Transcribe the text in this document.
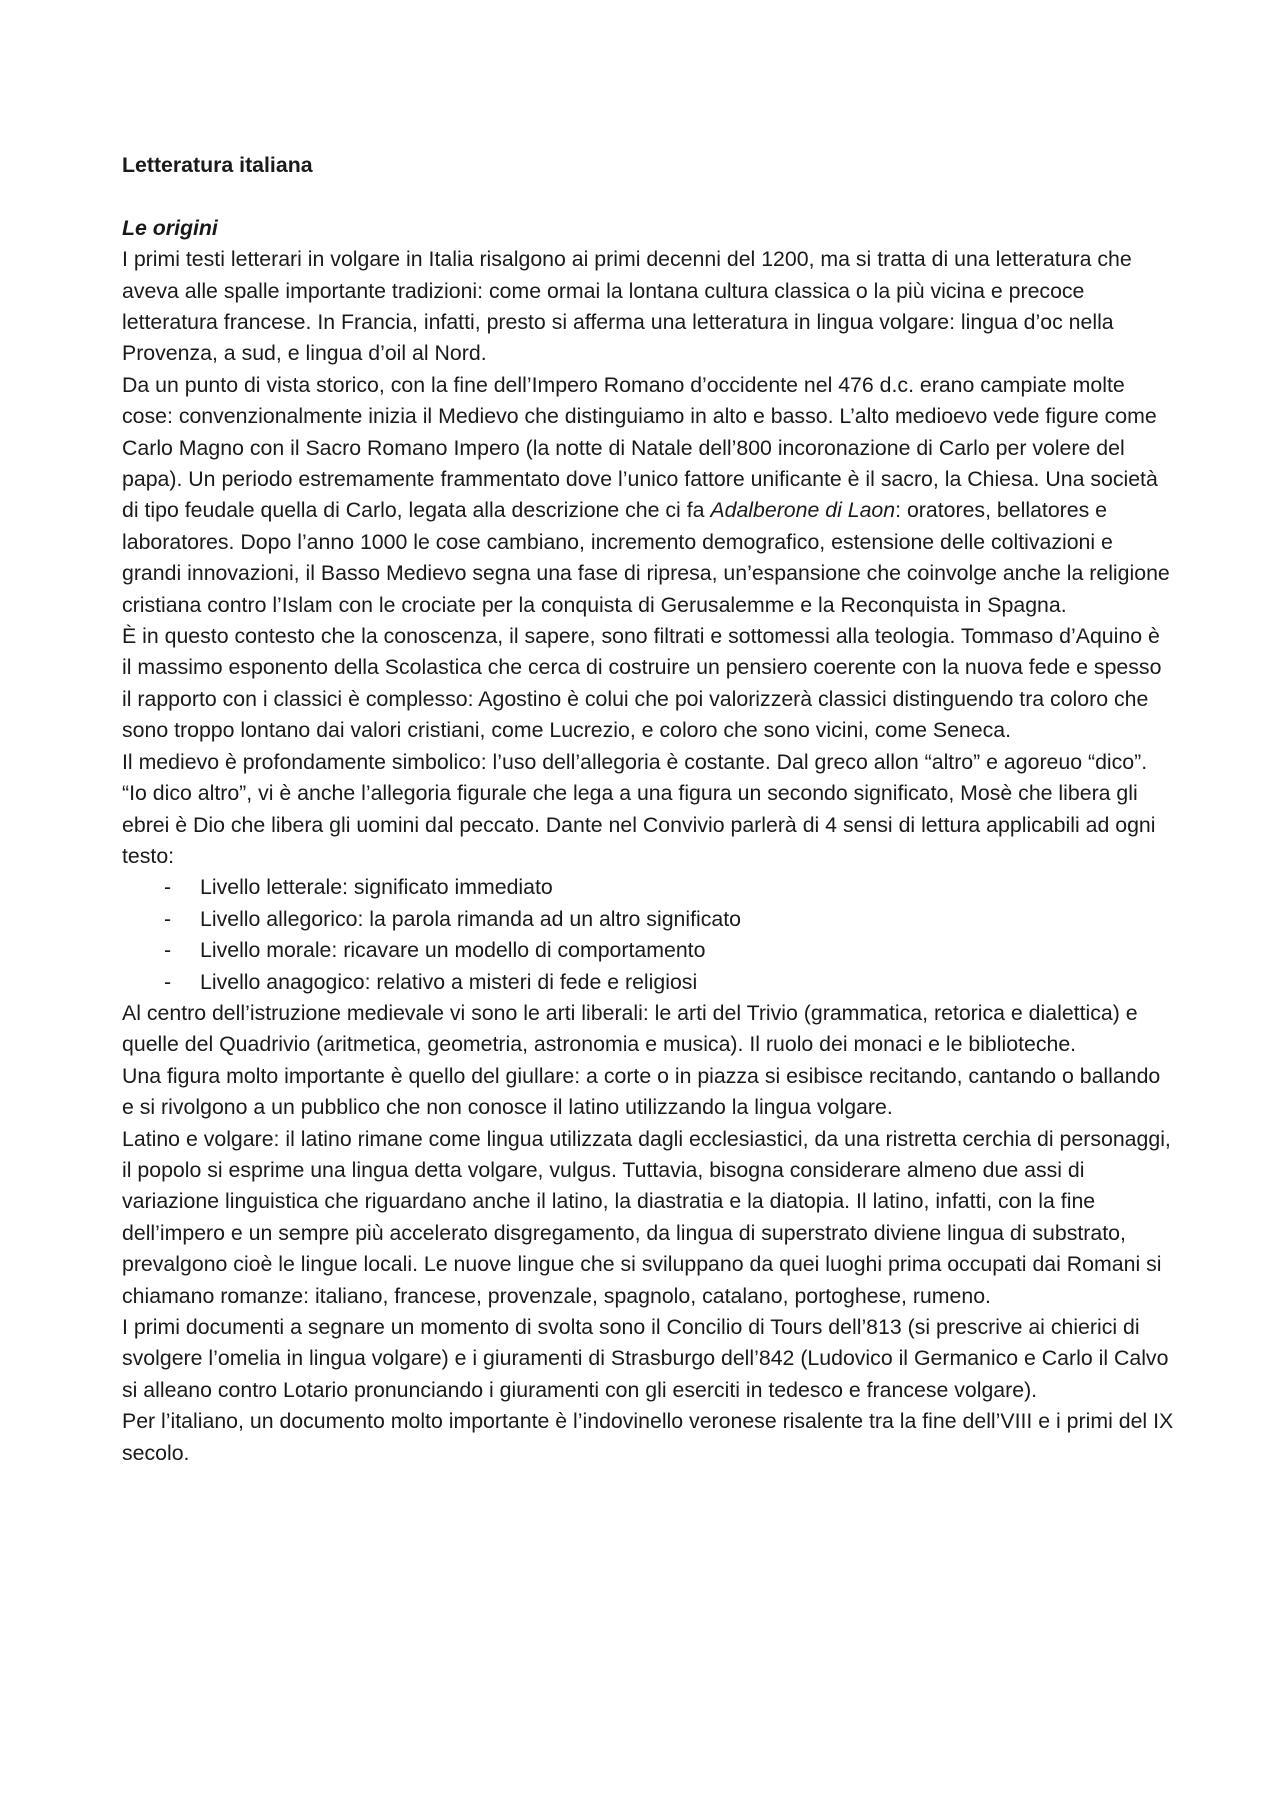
Letteratura italiana

Le origini

I primi testi letterari in volgare in Italia risalgono ai primi decenni del 1200, ma si tratta di una letteratura che aveva alle spalle importante tradizioni: come ormai la lontana cultura classica o la più vicina e precoce letteratura francese. In Francia, infatti, presto si afferma una letteratura in lingua volgare: lingua d’oc nella Provenza, a sud, e lingua d’oil al Nord.

Da un punto di vista storico, con la fine dell’Impero Romano d’occidente nel 476 d.c. erano campiate molte cose: convenzionalmente inizia il Medievo che distinguiamo in alto e basso. L’alto medioevo vede figure come Carlo Magno con il Sacro Romano Impero (la notte di Natale dell’800 incoronazione di Carlo per volere del papa). Un periodo estremamente frammentato dove l’unico fattore unificante è il sacro, la Chiesa. Una società di tipo feudale quella di Carlo, legata alla descrizione che ci fa Adalberone di Laon: oratores, bellatores e laboratores. Dopo l’anno 1000 le cose cambiano, incremento demografico, estensione delle coltivazioni e grandi innovazioni, il Basso Medievo segna una fase di ripresa, un’espansione che coinvolge anche la religione cristiana contro l’Islam con le crociate per la conquista di Gerusalemme e la Reconquista in Spagna.

È in questo contesto che la conoscenza, il sapere, sono filtrati e sottomessi alla teologia. Tommaso d’Aquino è il massimo esponento della Scolastica che cerca di costruire un pensiero coerente con la nuova fede e spesso il rapporto con i classici è complesso: Agostino è colui che poi valorizzerà classici distinguendo tra coloro che sono troppo lontano dai valori cristiani, come Lucrezio, e coloro che sono vicini, come Seneca.

Il medievo è profondamente simbolico: l’uso dell’allegoria è costante. Dal greco allon “altro” e agoreuo “dico”. “Io dico altro”, vi è anche l’allegoria figurale che lega a una figura un secondo significato, Mosè che libera gli ebrei è Dio che libera gli uomini dal peccato. Dante nel Convivio parlerà di 4 sensi di lettura applicabili ad ogni testo:

- Livello letterale: significato immediato
- Livello allegorico: la parola rimanda ad un altro significato
- Livello morale: ricavare un modello di comportamento
- Livello anagogico: relativo a misteri di fede e religiosi

Al centro dell’istruzione medievale vi sono le arti liberali: le arti del Trivio (grammatica, retorica e dialettica) e quelle del Quadrivio (aritmetica, geometria, astronomia e musica). Il ruolo dei monaci e le biblioteche.

Una figura molto importante è quello del giullare: a corte o in piazza si esibisce recitando, cantando o ballando e si rivolgono a un pubblico che non conosce il latino utilizzando la lingua volgare.

Latino e volgare: il latino rimane come lingua utilizzata dagli ecclesiastici, da una ristretta cerchia di personaggi, il popolo si esprime una lingua detta volgare, vulgus. Tuttavia, bisogna considerare almeno due assi di variazione linguistica che riguardano anche il latino, la diastratia e la diatopia. Il latino, infatti, con la fine dell’impero e un sempre più accelerato disgregamento, da lingua di superstrato diviene lingua di substrato, prevalgono cioè le lingue locali. Le nuove lingue che si sviluppano da quei luoghi prima occupati dai Romani si chiamano romanze: italiano, francese, provenzale, spagnolo, catalano, portoghese, rumeno.

I primi documenti a segnare un momento di svolta sono il Concilio di Tours dell’813 (si prescrive ai chierici di svolgere l’omelia in lingua volgare) e i giuramenti di Strasburgo dell’842 (Ludovico il Germanico e Carlo il Calvo si alleano contro Lotario pronunciando i giuramenti con gli eserciti in tedesco e francese volgare).

Per l’italiano, un documento molto importante è l’indovinello veronese risalente tra la fine dell’VIII e i primi del IX secolo.
